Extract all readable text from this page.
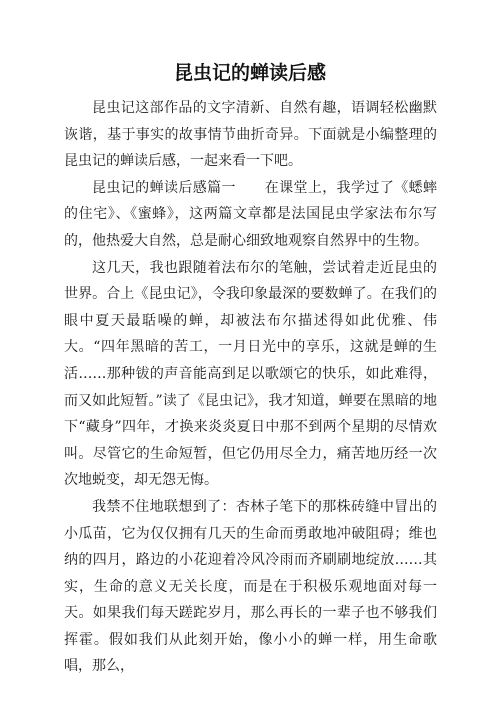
昆虫记的蝉读后感

昆虫记这部作品的文字清新、自然有趣，语调轻松幽默诙谐，基于事实的故事情节曲折奇异。下面就是小编整理的昆虫记的蝉读后感，一起来看一下吧。

昆虫记的蝉读后感篇一　　在课堂上，我学过了《蟋蟀的住宅》、《蜜蜂》，这两篇文章都是法国昆虫学家法布尔写的，他热爱大自然，总是耐心细致地观察自然界中的生物。

这几天，我也跟随着法布尔的笔触，尝试着走近昆虫的世界。合上《昆虫记》，令我印象最深的要数蝉了。在我们的眼中夏天最聒噪的蝉，却被法布尔描述得如此优雅、伟大。“四年黑暗的苦工，一月日光中的享乐，这就是蝉的生活……那种钹的声音能高到足以歌颂它的快乐，如此难得，而又如此短暂。”读了《昆虫记》，我才知道，蝉要在黑暗的地下“藏身”四年，才换来炎炎夏日中那不到两个星期的尽情欢叫。尽管它的生命短暂，但它仍用尽全力，痛苦地历经一次次地蜕变，却无怨无悔。

我禁不住地联想到了：杏林子笔下的那株砖缝中冒出的小瓜苗，它为仅仅拥有几天的生命而勇敢地冲破阻碍；维也纳的四月，路边的小花迎着冷风冷雨而齐刷刷地绽放……其实，生命的意义无关长度，而是在于积极乐观地面对每一天。如果我们每天蹉跎岁月，那么再长的一辈子也不够我们挥霍。假如我们从此刻开始，像小小的蝉一样，用生命歌唱，那么，
